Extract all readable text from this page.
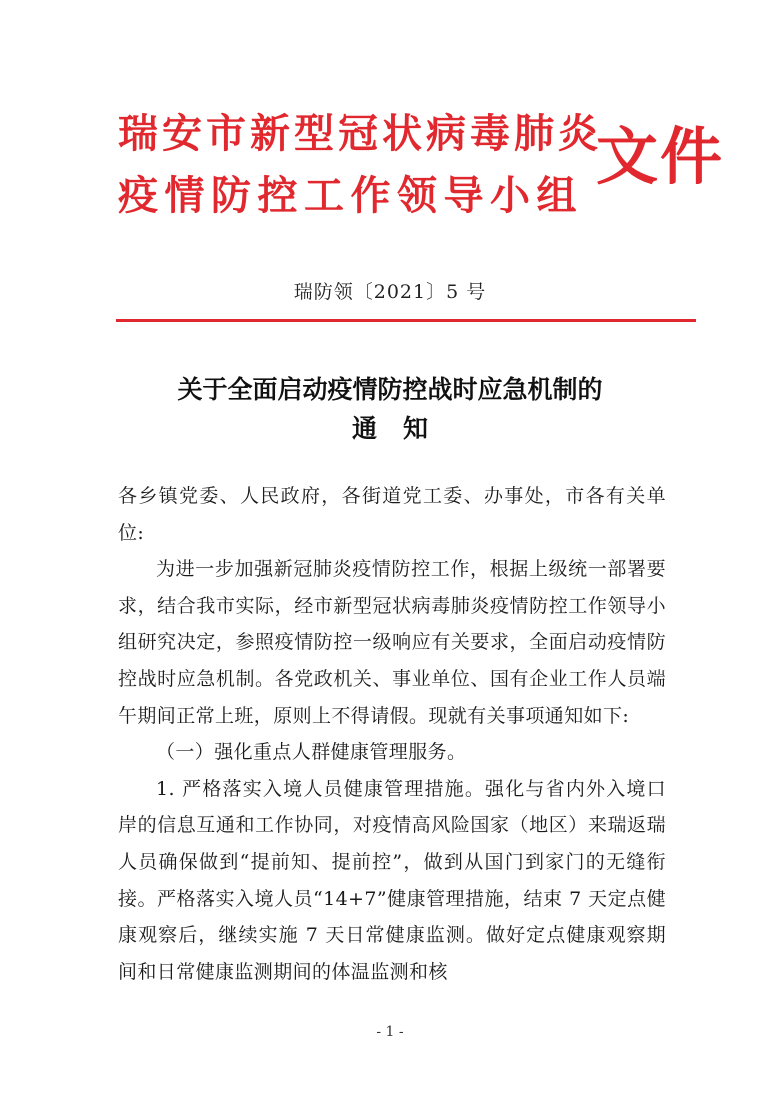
瑞安市新型冠状病毒肺炎
疫情防控工作领导小组
文件
瑞防领〔2021〕5 号
关于全面启动疫情防控战时应急机制的
通知

各乡镇党委、人民政府，各街道党工委、办事处，市各有关单位:

为进一步加强新冠肺炎疫情防控工作，根据上级统一部署要求，结合我市实际，经市新型冠状病毒肺炎疫情防控工作领导小组研究决定，参照疫情防控一级响应有关要求，全面启动疫情防控战时应急机制。各党政机关、事业单位、国有企业工作人员端午期间正常上班，原则上不得请假。现就有关事项通知如下:

（一）强化重点人群健康管理服务。

1. 严格落实入境人员健康管理措施。强化与省内外入境口岸的信息互通和工作协同，对疫情高风险国家（地区）来瑞返瑞人员确保做到“提前知、提前控”，做到从国门到家门的无缝衔接。严格落实入境人员“14+7”健康管理措施，结束 7 天定点健康观察后，继续实施 7 天日常健康监测。做好定点健康观察期间和日常健康监测期间的体温监测和核

- 1 -
